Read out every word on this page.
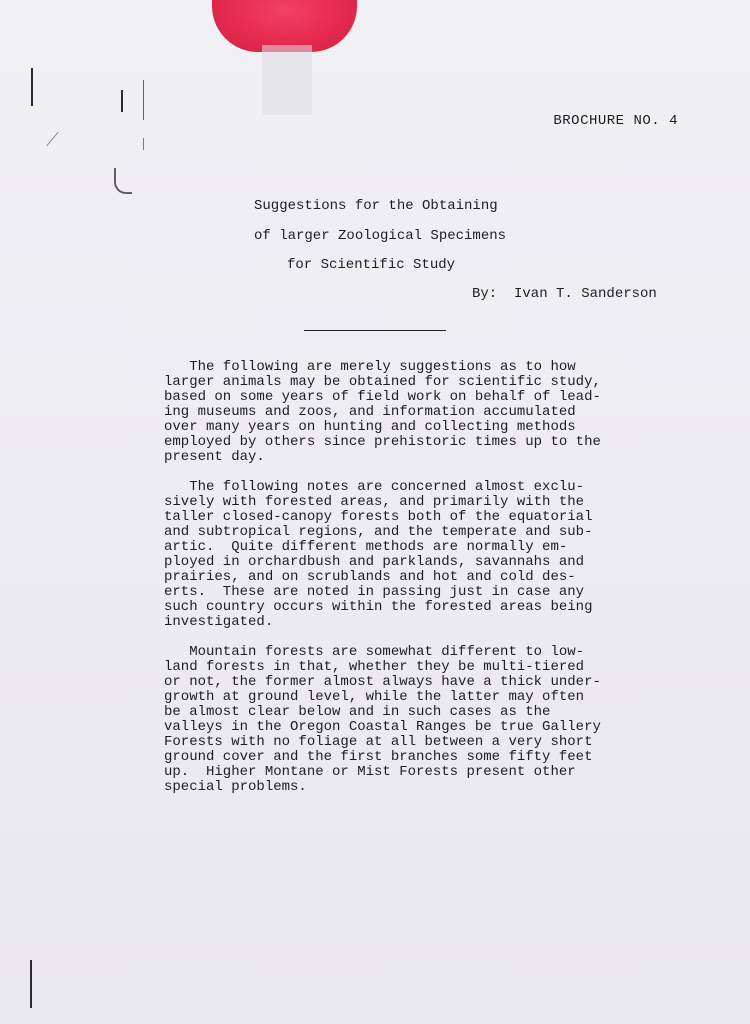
BROCHURE NO. 4
Suggestions for the Obtaining
of larger Zoological Specimens
for Scientific Study
By:  Ivan T. Sanderson
The following are merely suggestions as to how
larger animals may be obtained for scientific study,
based on some years of field work on behalf of lead-
ing museums and zoos, and information accumulated
over many years on hunting and collecting methods
employed by others since prehistoric times up to the
present day.
The following notes are concerned almost exclu-
sively with forested areas, and primarily with the
taller closed-canopy forests both of the equatorial
and subtropical regions, and the temperate and sub-
artic.  Quite different methods are normally em-
ployed in orchardbush and parklands, savannahs and
prairies, and on scrublands and hot and cold des-
erts.  These are noted in passing just in case any
such country occurs within the forested areas being
investigated.
Mountain forests are somewhat different to low-
land forests in that, whether they be multi-tiered
or not, the former almost always have a thick under-
growth at ground level, while the latter may often
be almost clear below and in such cases as the
valleys in the Oregon Coastal Ranges be true Gallery
Forests with no foliage at all between a very short
ground cover and the first branches some fifty feet
up.  Higher Montane or Mist Forests present other
special problems.
